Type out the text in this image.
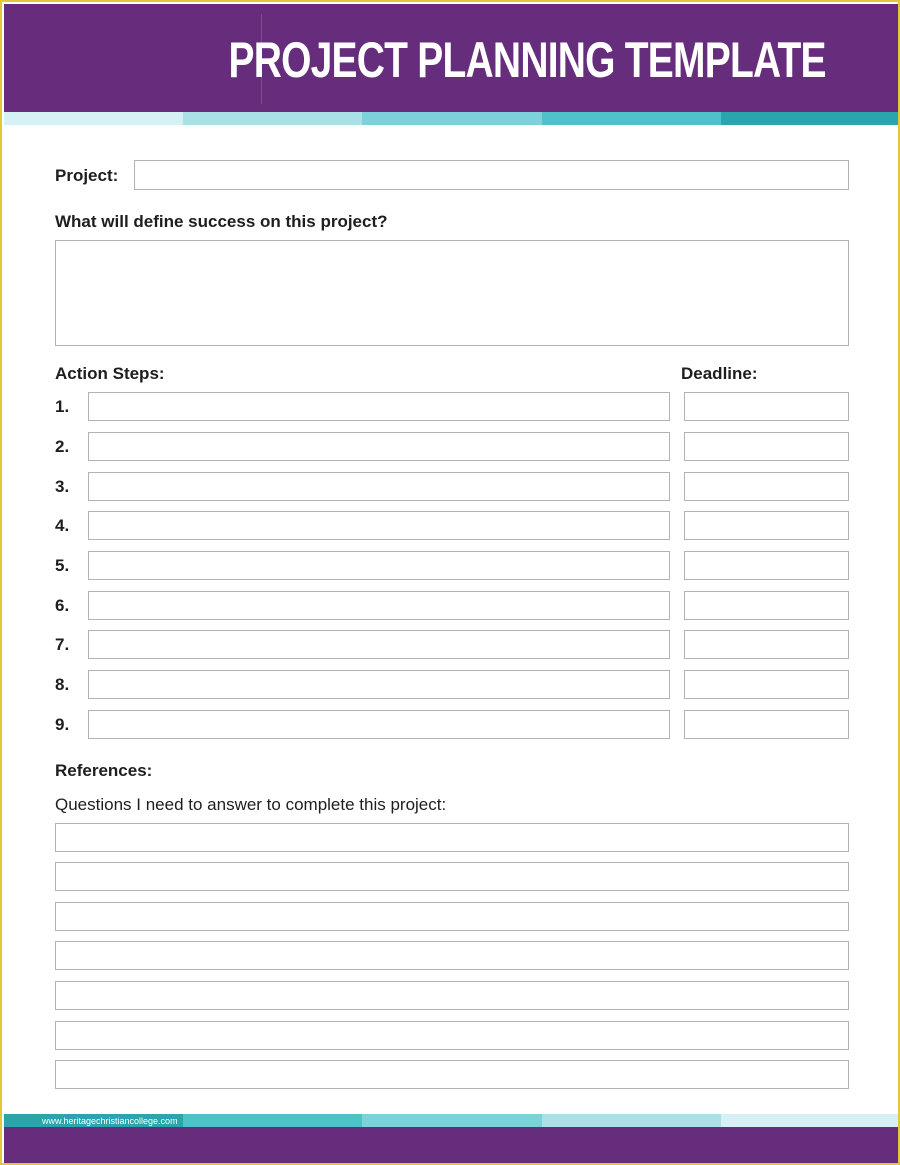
PROJECT PLANNING TEMPLATE
Project:
What will define success on this project?
Action Steps:	Deadline:
1.
2.
3.
4.
5.
6.
7.
8.
9.
References:
Questions I need to answer to complete this project:
www.heritagechristiancollege.com
